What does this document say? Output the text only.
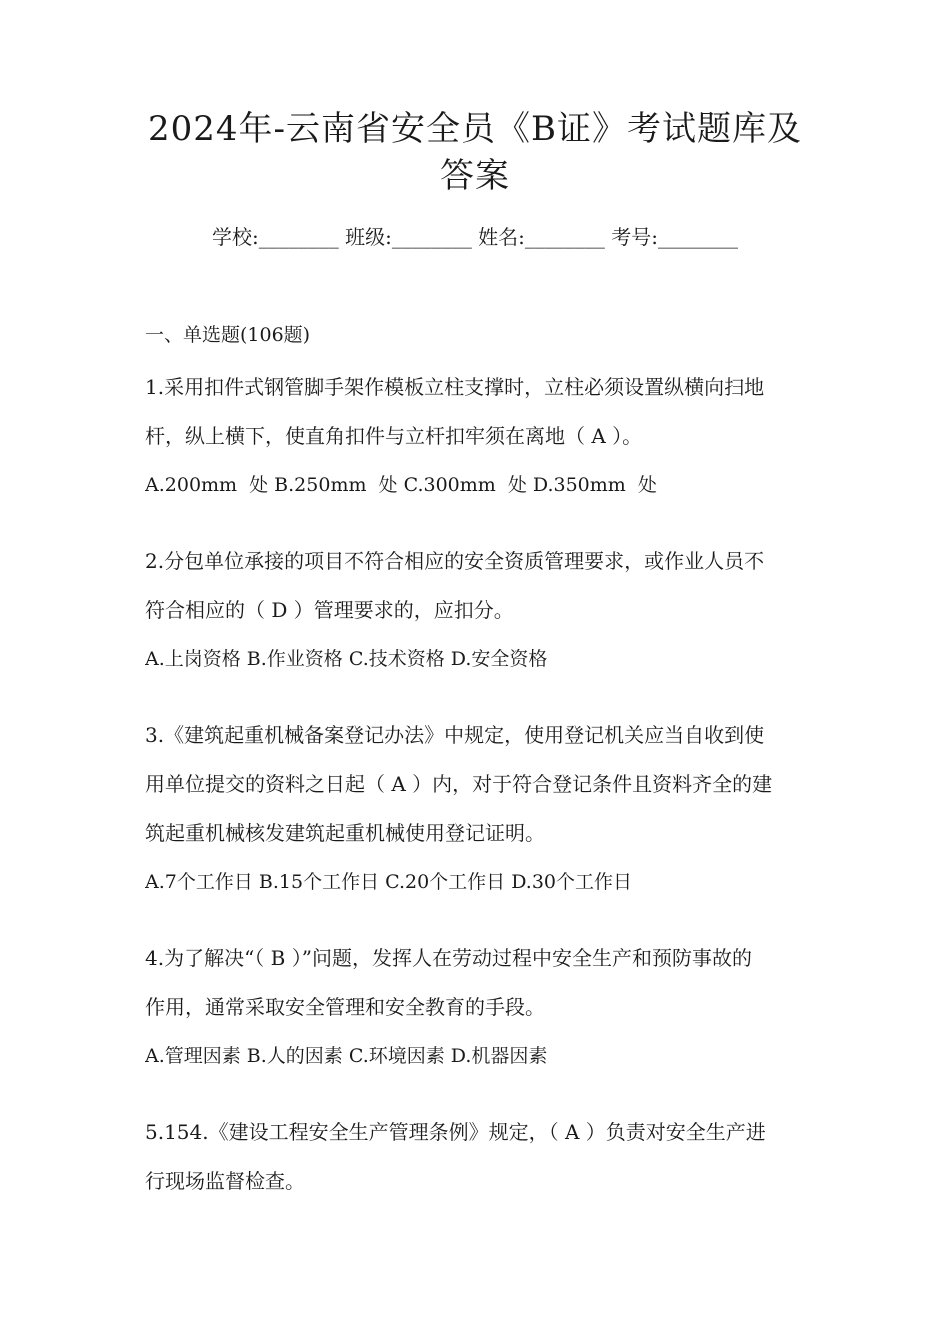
2024年-云南省安全员《B证》考试题库及
答案
学校:________ 班级:________ 姓名:________ 考号:________
一、单选题(106题)
1.采用扣件式钢管脚手架作模板立柱支撑时，立柱必须设置纵横向扫地
杆，纵上横下，使直角扣件与立杆扣牢须在离地（ A ）。
A.200mm  处 B.250mm  处 C.300mm  处 D.350mm  处
2.分包单位承接的项目不符合相应的安全资质管理要求，或作业人员不
符合相应的（ D ）管理要求的，应扣分。
A.上岗资格 B.作业资格 C.技术资格 D.安全资格
3.《建筑起重机械备案登记办法》中规定，使用登记机关应当自收到使
用单位提交的资料之日起（ A ）内，对于符合登记条件且资料齐全的建
筑起重机械核发建筑起重机械使用登记证明。
A.7个工作日 B.15个工作日 C.20个工作日 D.30个工作日
4.为了解决“（ B ）”问题，发挥人在劳动过程中安全生产和预防事故的
作用，通常采取安全管理和安全教育的手段。
A.管理因素 B.人的因素 C.环境因素 D.机器因素
5.154.《建设工程安全生产管理条例》规定，（ A ）负责对安全生产进
行现场监督检查。
